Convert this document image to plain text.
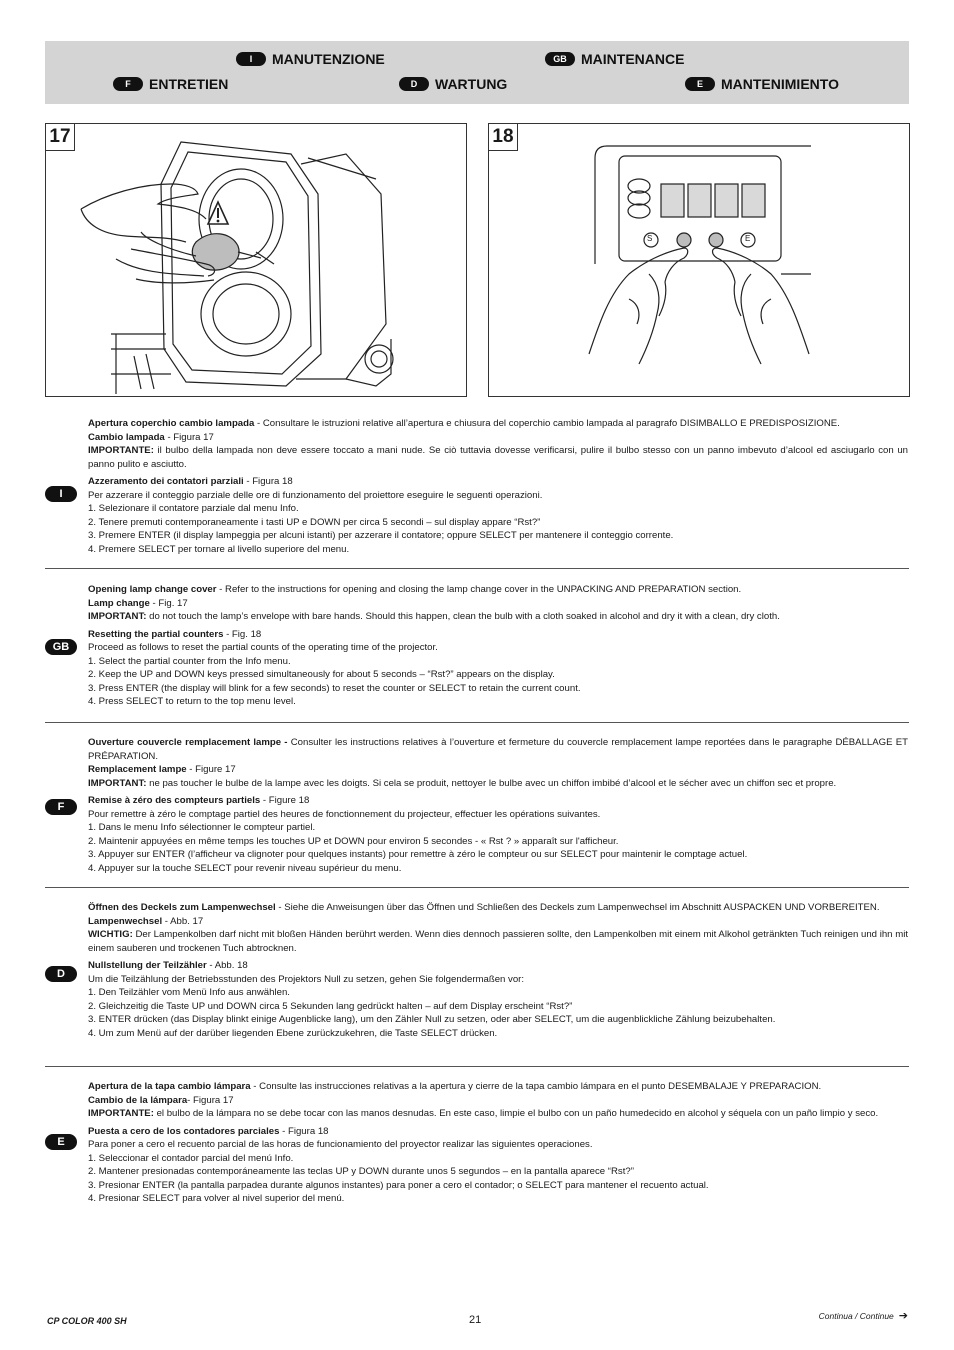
I	MANUTENZIONE	GB	MAINTENANCE
F	ENTRETIEN	D	WARTUNG	E	MANTENIMIENTO
17	18
S	E
I

Apertura coperchio cambio lampada - Consultare le istruzioni relative all’apertura e chiusura del coperchio cambio lampada al paragrafo DISIMBALLO E PREDISPOSIZIONE.

Cambio lampada - Figura 17

IMPORTANTE: il bulbo della lampada non deve essere toccato a mani nude. Se ciò tuttavia dovesse verificarsi, pulire il bulbo stesso con un panno imbevuto d’alcool ed asciugarlo con un panno pulito e asciutto.

Azzeramento dei contatori parziali - Figura 18

Per azzerare il conteggio parziale delle ore di funzionamento del proiettore eseguire le seguenti operazioni.

1. Selezionare il contatore parziale dal menu Info.

2. Tenere premuti contemporaneamente i tasti UP e DOWN per circa 5 secondi – sul display appare “Rst?”

3. Premere ENTER (il display lampeggia per alcuni istanti) per azzerare il contatore; oppure SELECT per mantenere il conteggio corrente.

4. Premere SELECT per tornare al livello superiore del menu.

GB

Opening lamp change cover - Refer to the instructions for opening and closing the lamp change cover in the UNPACKING AND PREPARATION section.

Lamp change - Fig. 17

IMPORTANT: do not touch the lamp’s envelope with bare hands. Should this happen, clean the bulb with a cloth soaked in alcohol and dry it with a clean, dry cloth.

Resetting the partial counters - Fig. 18

Proceed as follows to reset the partial counts of the operating time of the projector.

1. Select the partial counter from the Info menu.

2. Keep the UP and DOWN keys pressed simultaneously for about 5 seconds – “Rst?” appears on the display.

3. Press ENTER (the display will blink for a few seconds) to reset the counter or SELECT to retain the current count.

4. Press SELECT to return to the top menu level.

F

Ouverture couvercle remplacement lampe - Consulter les instructions relatives à l’ouverture et fermeture du couvercle remplacement lampe reportées dans le paragraphe DÉBALLAGE ET PRÉPARATION.

Remplacement lampe - Figure 17

IMPORTANT: ne pas toucher le bulbe de la lampe avec les doigts. Si cela se produit, nettoyer le bulbe avec un chiffon imbibé d’alcool et le sécher avec un chiffon sec et propre.

Remise à zéro des compteurs partiels - Figure 18

Pour remettre à zéro le comptage partiel des heures de fonctionnement du projecteur, effectuer les opérations suivantes.

1. Dans le menu Info sélectionner le compteur partiel.

2. Maintenir appuyées en même temps les touches UP et DOWN pour environ 5 secondes - « Rst ? » apparaît sur l'afficheur.

3. Appuyer sur ENTER (l’afficheur va clignoter pour quelques instants) pour remettre à zéro le compteur ou sur SELECT pour maintenir le comptage actuel.

4. Appuyer sur la touche SELECT pour revenir niveau supérieur du menu.

D

Öffnen des Deckels zum Lampenwechsel - Siehe die Anweisungen über das Öffnen und Schließen des Deckels zum Lampenwechsel im Abschnitt AUSPACKEN UND VORBEREITEN.

Lampenwechsel - Abb. 17

WICHTIG: Der Lampenkolben darf nicht mit bloßen Händen berührt werden. Wenn dies dennoch passieren sollte, den Lampenkolben mit einem mit Alkohol getränkten Tuch reinigen und ihn mit einem sauberen und trockenen Tuch abtrocknen.

Nullstellung der Teilzähler - Abb. 18

Um die Teilzählung der Betriebsstunden des Projektors Null zu setzen, gehen Sie folgendermaßen vor:

1. Den Teilzähler vom Menü Info aus anwählen.

2. Gleichzeitig die Taste UP und DOWN circa 5 Sekunden lang gedrückt halten – auf dem Display erscheint “Rst?”

3. ENTER drücken (das Display blinkt einige Augenblicke lang), um den Zähler Null zu setzen, oder aber SELECT, um die augenblickliche Zählung beizubehalten.

4. Um zum Menü auf der darüber liegenden Ebene zurückzukehren, die Taste SELECT drücken.

E

Apertura de la tapa cambio lámpara - Consulte las instrucciones relativas a la apertura y cierre de la tapa cambio lámpara en el punto DESEMBALAJE Y PREPARACION.

Cambio de la lámpara- Figura 17

IMPORTANTE: el bulbo de la lámpara no se debe tocar con las manos desnudas. En este caso, limpie el bulbo con un paño humedecido en alcohol y séquela con un paño limpio y seco.

Puesta a cero de los contadores parciales - Figura 18

Para poner a cero el recuento parcial de las horas de funcionamiento del proyector realizar las siguientes operaciones.

1. Seleccionar el contador parcial del menú Info.

2. Mantener presionadas contemporáneamente las teclas UP y DOWN durante unos 5 segundos – en la pantalla aparece “Rst?”

3. Presionar ENTER (la pantalla parpadea durante algunos instantes) para poner a cero el contador; o SELECT para mantener el recuento actual.

4. Presionar SELECT para volver al nivel superior del menú.

CP COLOR 400 SH	21	Continua / Continue ➔
